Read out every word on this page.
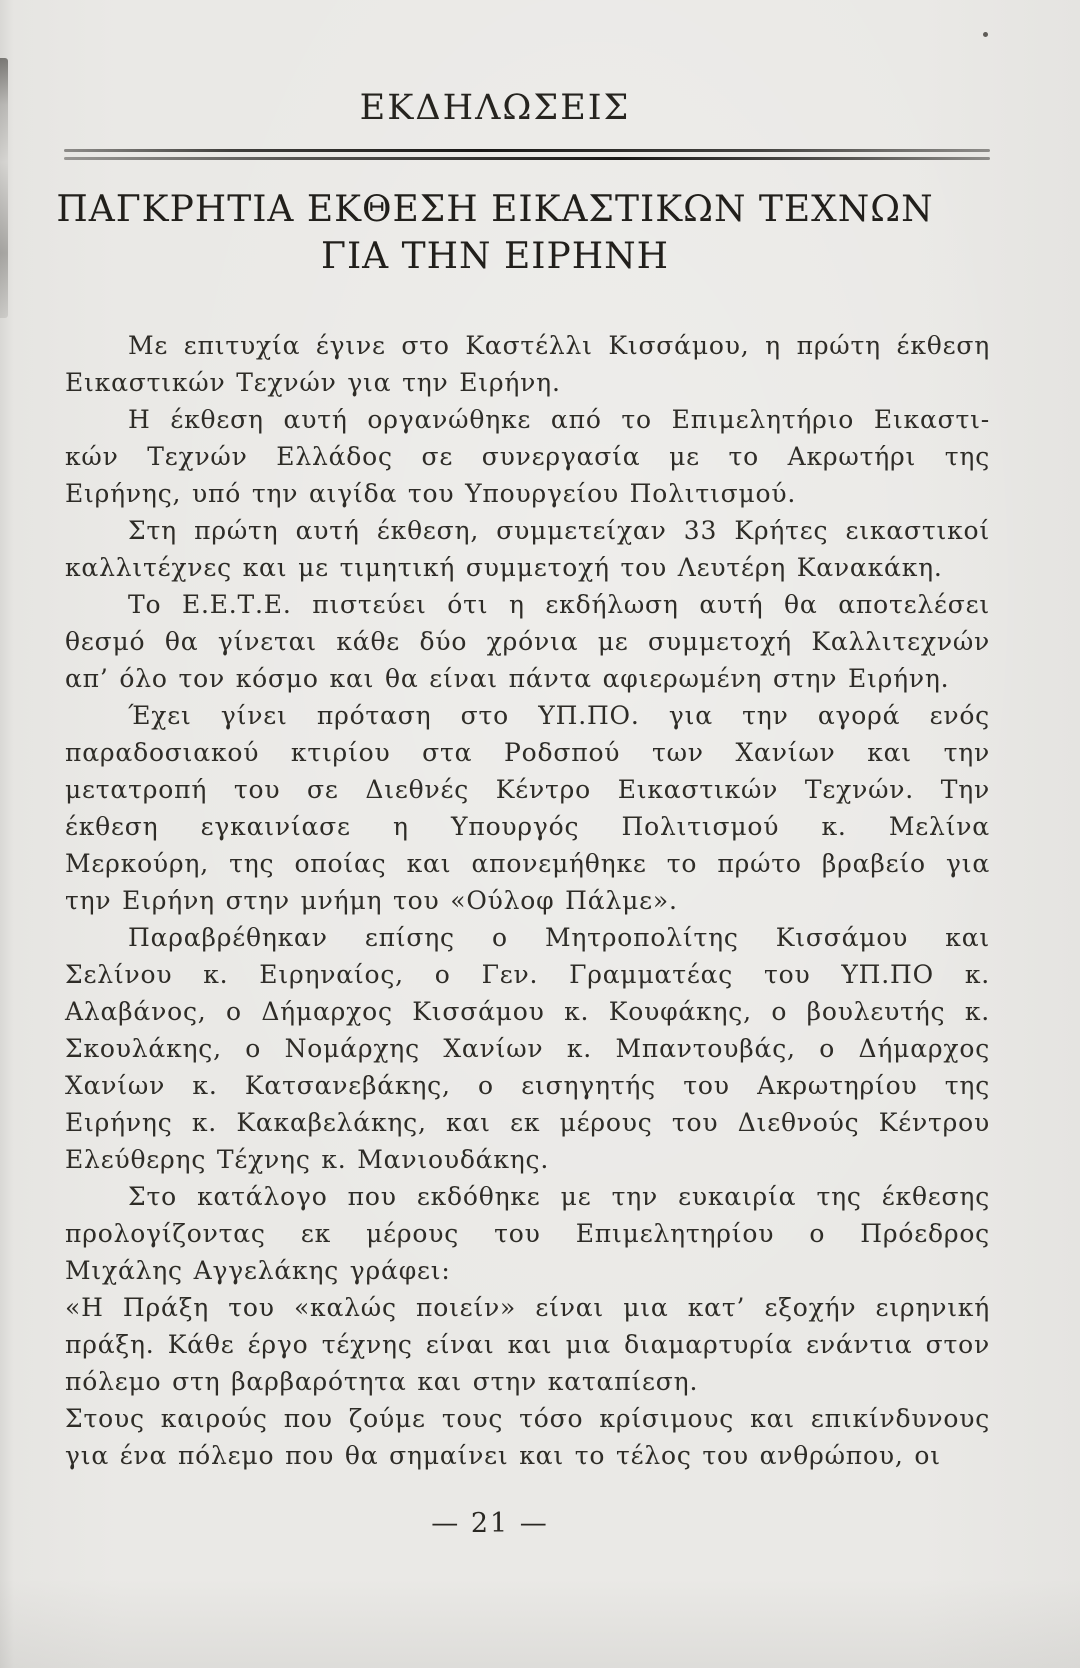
ΕΚΔΗΛΩΣΕΙΣ
ΠΑΓΚΡΗΤΙΑ ΕΚΘΕΣΗ ΕΙΚΑΣΤΙΚΩΝ ΤΕΧΝΩΝ
ΓΙΑ ΤΗΝ ΕΙΡΗΝΗ
Με επιτυχία έγινε στο Καστέλλι Κισσάμου, η πρώτη έκθεση
Εικαστικών Τεχνών για την Ειρήνη.
Η έκθεση αυτή οργανώθηκε από το Επιμελητήριο Εικαστι-
κών Τεχνών Ελλάδος σε συνεργασία με το Ακρωτήρι της
Ειρήνης, υπό την αιγίδα του Υπουργείου Πολιτισμού.
Στη πρώτη αυτή έκθεση, συμμετείχαν 33 Κρήτες εικαστικοί
καλλιτέχνες και με τιμητική συμμετοχή του Λευτέρη Κανακάκη.
Το Ε.Ε.Τ.Ε. πιστεύει ότι η εκδήλωση αυτή θα αποτελέσει
θεσμό θα γίνεται κάθε δύο χρόνια με συμμετοχή Καλλιτεχνών
απ’ όλο τον κόσμο και θα είναι πάντα αφιερωμένη στην Ειρήνη.
Έχει γίνει πρόταση στο ΥΠ.ΠΟ. για την αγορά ενός
παραδοσιακού κτιρίου στα Ροδσπού των Χανίων και την
μετατροπή του σε Διεθνές Κέντρο Εικαστικών Τεχνών. Την
έκθεση εγκαινίασε η Υπουργός Πολιτισμού κ. Μελίνα
Μερκούρη, της οποίας και απονεμήθηκε το πρώτο βραβείο για
την Ειρήνη στην μνήμη του «Ούλοφ Πάλμε».
Παραβρέθηκαν επίσης ο Μητροπολίτης Κισσάμου και
Σελίνου κ. Ειρηναίος, ο Γεν. Γραμματέας του ΥΠ.ΠΟ κ.
Αλαβάνος, ο Δήμαρχος Κισσάμου κ. Κουφάκης, ο βουλευτής κ.
Σκουλάκης, ο Νομάρχης Χανίων κ. Μπαντουβάς, ο Δήμαρχος
Χανίων κ. Κατσανεβάκης, ο εισηγητής του Ακρωτηρίου της
Ειρήνης κ. Κακαβελάκης, και εκ μέρους του Διεθνούς Κέντρου
Ελεύθερης Τέχνης κ. Μανιουδάκης.
Στο κατάλογο που εκδόθηκε με την ευκαιρία της έκθεσης
προλογίζοντας εκ μέρους του Επιμελητηρίου ο Πρόεδρος
Μιχάλης Αγγελάκης γράφει:
«Η Πράξη του «καλώς ποιείν» είναι μια κατ’ εξοχήν ειρηνική
πράξη. Κάθε έργο τέχνης είναι και μια διαμαρτυρία ενάντια στον
πόλεμο στη βαρβαρότητα και στην καταπίεση.
Στους καιρούς που ζούμε τους τόσο κρίσιμους και επικίνδυνους
για ένα πόλεμο που θα σημαίνει και το τέλος του ανθρώπου, οι
— 21 —
